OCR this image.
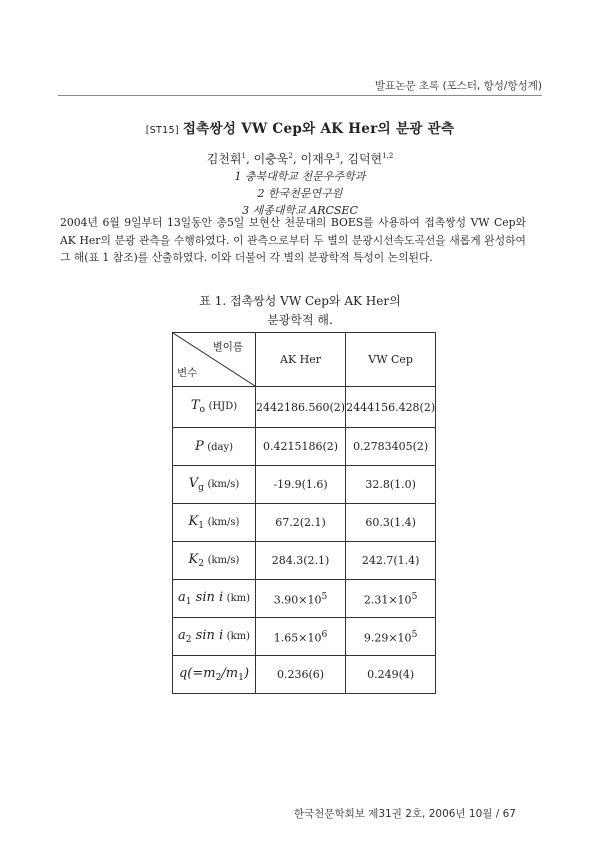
발표논문 초록 (포스터, 항성/항성계)
[ST15] 접촉쌍성 VW Cep와 AK Her의 분광 관측
김천휘$^1$, 이충욱$^2$, 이재우$^3$, 김덕현$^{1,2}$
1 충북대학교 천문우주학과
2 한국천문연구원
3 세종대학교 ARCSEC
2004년 6월 9일부터 13일동안 총5일 보현산 천문대의 BOES를 사용하여 접촉쌍성 VW Cep와 AK Her의 분광 관측을 수행하였다. 이 관측으로부터 두 별의 분광시선속도곡선을 새롭게 완성하여 그 해(표 1 참조)를 산출하였다. 이와 더불어 각 별의 분광학적 특성이 논의된다.
표 1. 접촉쌍성 VW Cep와 AK Her의
분광학적 해.
별이름
변수	AK Her	VW Cep
$T_o$ (HJD)	2442186.560(2)	2444156.428(2)
P (day)	0.4215186(2)	0.2783405(2)
$V_g$ (km/s)	-19.9(1.6)	32.8(1.0)
$K_1$ (km/s)	67.2(2.1)	60.3(1.4)
$K_2$ (km/s)	284.3(2.1)	242.7(1.4)
$a_1$ sin i (km)	$3.90\times 10^5$	$2.31\times 10^5$
$a_2$ sin i (km)	$1.65\times 10^6$	$9.29\times 10^5$
$q(=m_2/m_1)$	0.236(6)	0.249(4)
한국천문학회보 제31권 2호, 2006년 10월 / 67
